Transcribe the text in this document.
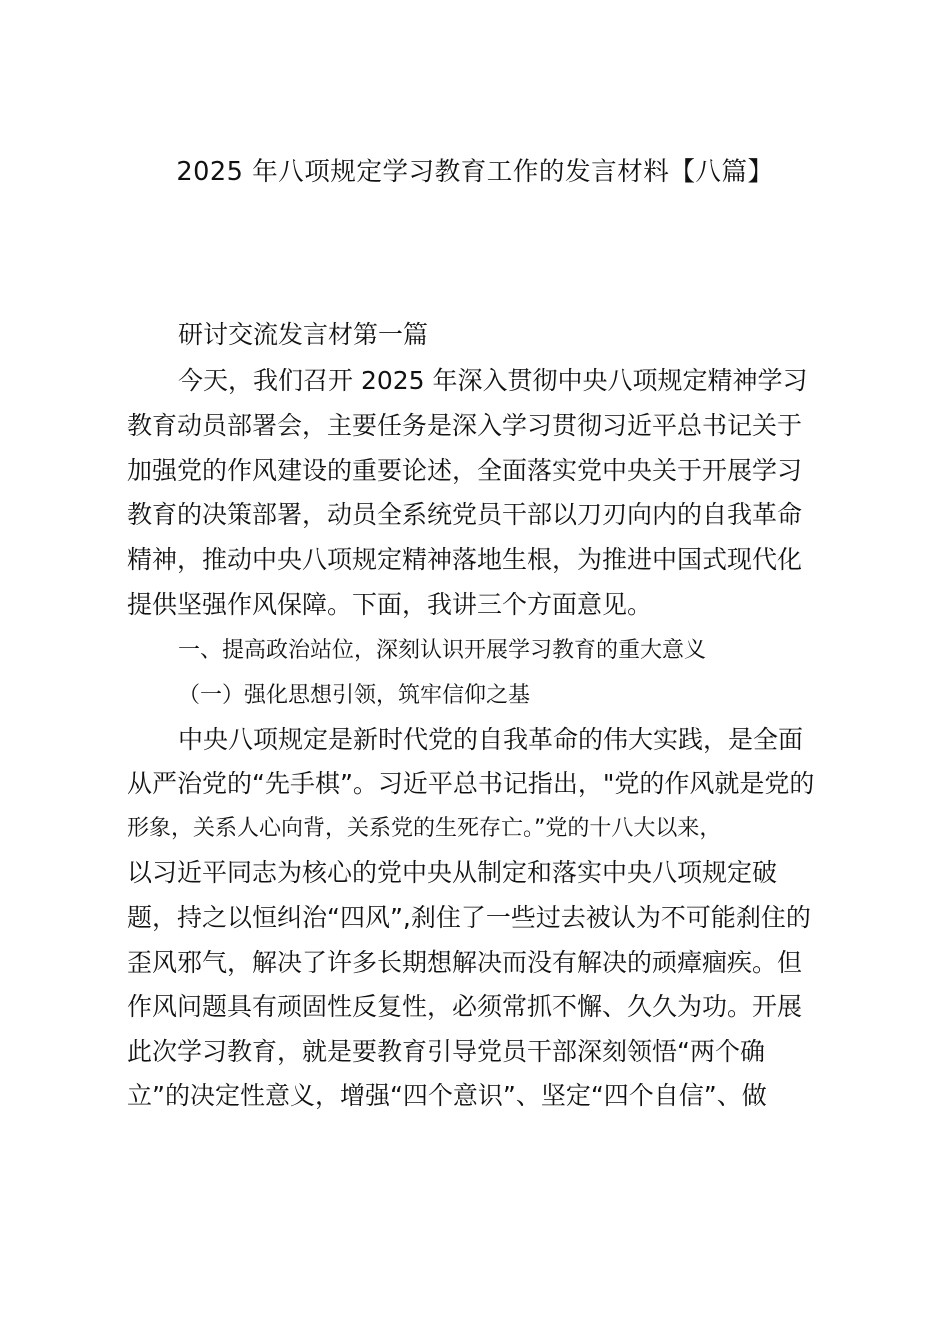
2025 年八项规定学习教育工作的发言材料【八篇】
研讨交流发言材第一篇
今天，我们召开 2025 年深入贯彻中央八项规定精神学习
教育动员部署会，主要任务是深入学习贯彻习近平总书记关于
加强党的作风建设的重要论述，全面落实党中央关于开展学习
教育的决策部署，动员全系统党员干部以刀刃向内的自我革命
精神，推动中央八项规定精神落地生根，为推进中国式现代化
提供坚强作风保障。下面，我讲三个方面意见。
一、提高政治站位，深刻认识开展学习教育的重大意义
（一）强化思想引领，筑牢信仰之基
中央八项规定是新时代党的自我革命的伟大实践，是全面
从严治党的“先手棋”。习近平总书记指出，"党的作风就是党的
形象，关系人心向背，关系党的生死存亡。”党的十八大以来，
以习近平同志为核心的党中央从制定和落实中央八项规定破
题，持之以恒纠治“四风”,刹住了一些过去被认为不可能刹住的
歪风邪气，解决了许多长期想解决而没有解决的顽瘴痼疾。但
作风问题具有顽固性反复性，必须常抓不懈、久久为功。开展
此次学习教育，就是要教育引导党员干部深刻领悟“两个确
立”的决定性意义，增强“四个意识”、坚定“四个自信”、做
